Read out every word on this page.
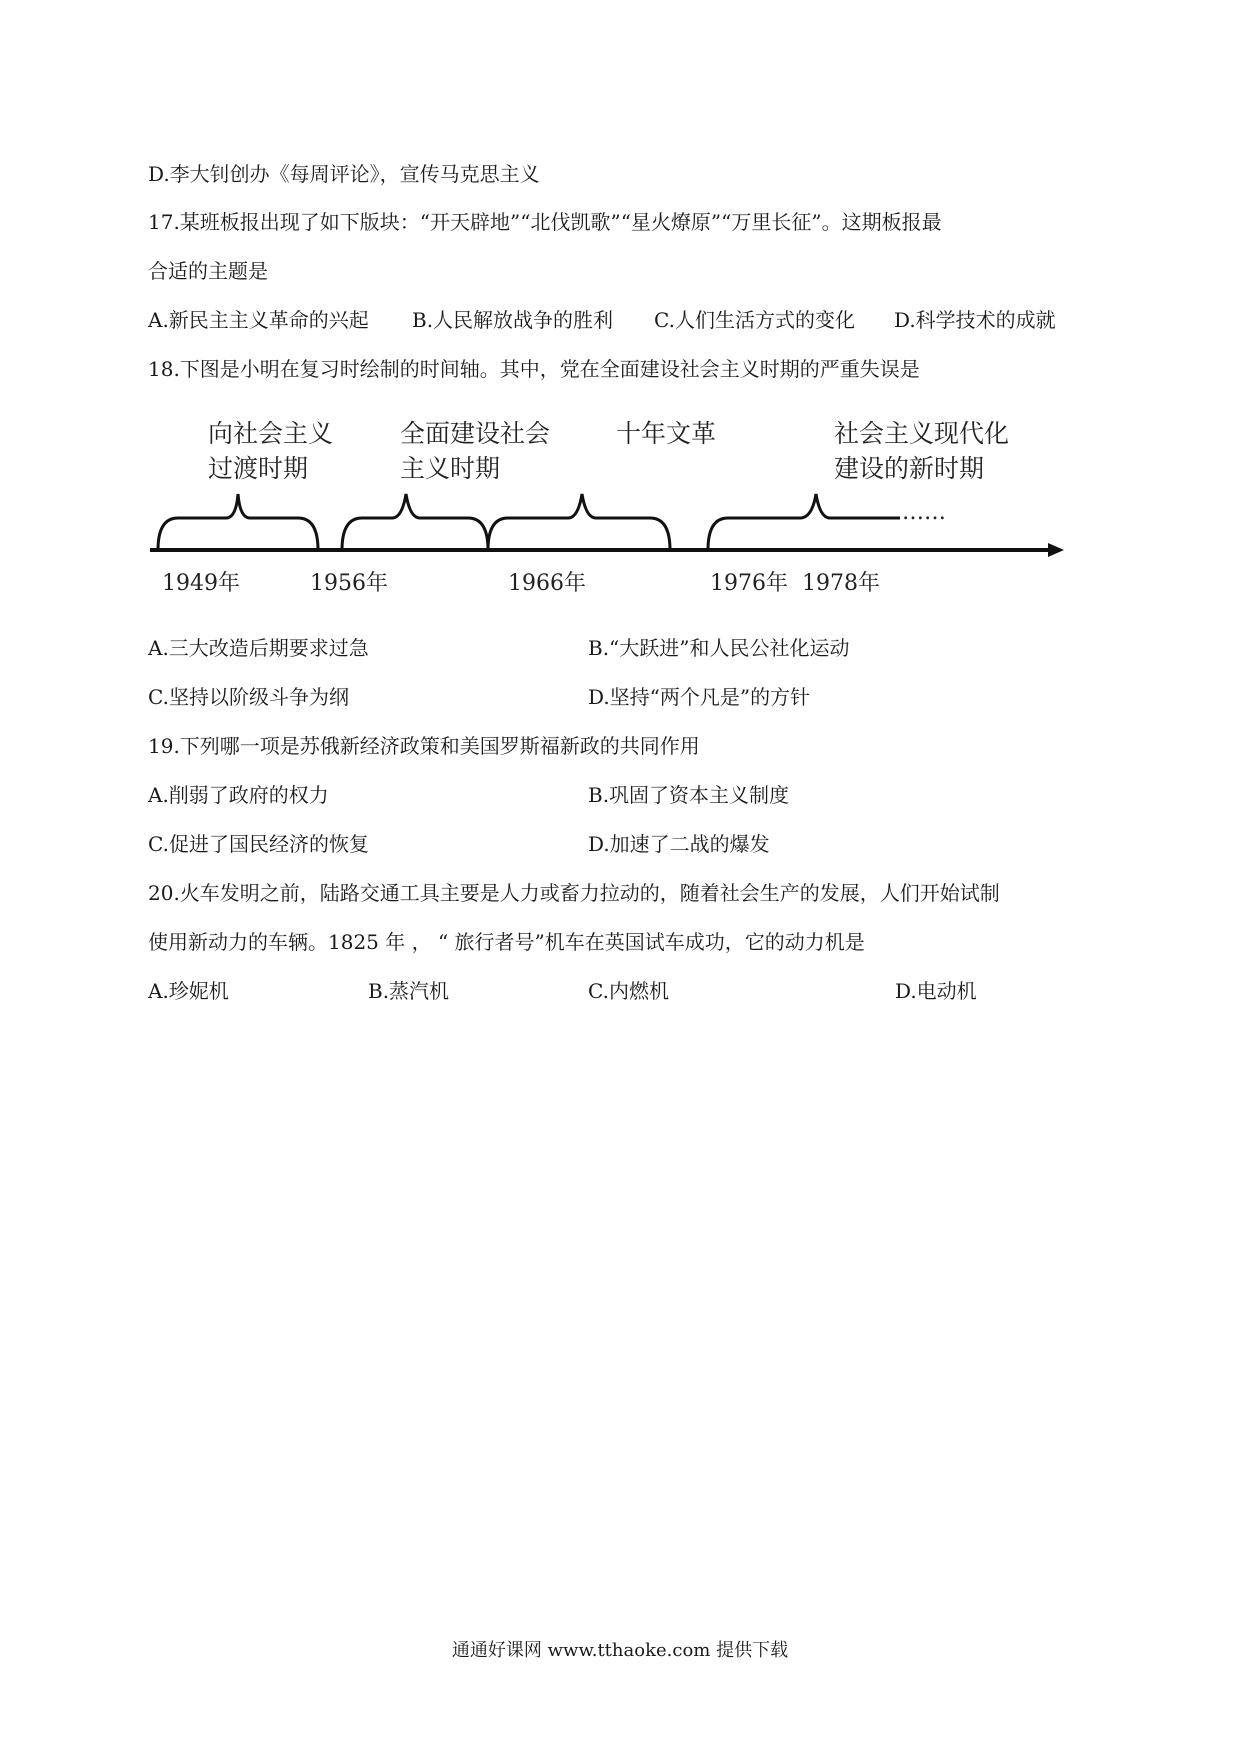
D.李大钊创办《每周评论》，宣传马克思主义
17.某班板报出现了如下版块：“开天辟地”“北伐凯歌”“星火燎原”“万里长征”。这期板报最
合适的主题是
A.新民主主义革命的兴起 B.人民解放战争的胜利 C.人们生活方式的变化 D.科学技术的成就
18.下图是小明在复习时绘制的时间轴。其中，党在全面建设社会主义时期的严重失误是
向社会主义
过渡时期
全面建设社会
主义时期
十年文革	社会主义现代化
建设的新时期
……
1949年	1956年	1966年	1976年 1978年
A.三大改造后期要求过急	B.“大跃进”和人民公社化运动
C.坚持以阶级斗争为纲	D.坚持“两个凡是”的方针
19.下列哪一项是苏俄新经济政策和美国罗斯福新政的共同作用
A.削弱了政府的权力	B.巩固了资本主义制度
C.促进了国民经济的恢复	D.加速了二战的爆发
20.火车发明之前，陆路交通工具主要是人力或畜力拉动的，随着社会生产的发展，人们开始试制
使用新动力的车辆。1825 年 ， “ 旅行者号”机车在英国试车成功，它的动力机是
A.珍妮机	B.蒸汽机	C.内燃机	D.电动机
通通好课网 www.tthaoke.com 提供下载
